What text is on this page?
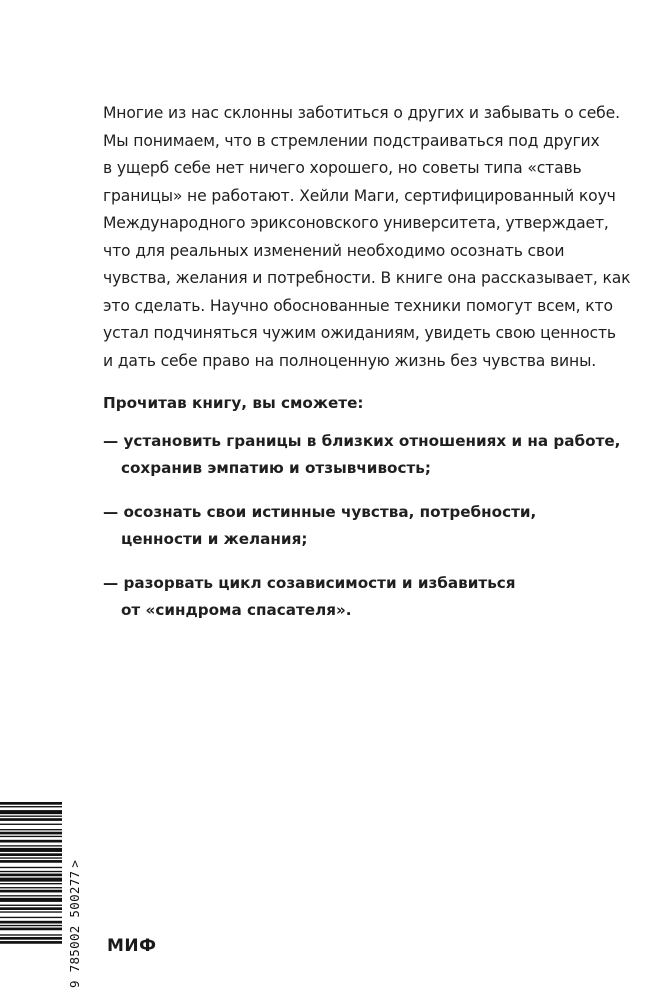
Многие из нас склонны заботиться о других и забывать о себе.
Мы понимаем, что в стремлении подстраиваться под других
в ущерб себе нет ничего хорошего, но советы типа «ставь
границы» не работают. Хейли Маги, сертифицированный коуч
Международного эриксоновского университета, утверждает,
что для реальных изменений необходимо осознать свои
чувства, желания и потребности. В книге она рассказывает, как
это сделать. Научно обоснованные техники помогут всем, кто
устал подчиняться чужим ожиданиям, увидеть свою ценность
и дать себе право на полноценную жизнь без чувства вины.

Прочитав книгу, вы сможете:

— установить границы в близких отношениях и на работе,
сохранив эмпатию и отзывчивость;
— осознать свои истинные чувства, потребности,
ценности и желания;
— разорвать цикл созависимости и избавиться
от «синдрома спасателя».
9 785002 500277>
МИФ
